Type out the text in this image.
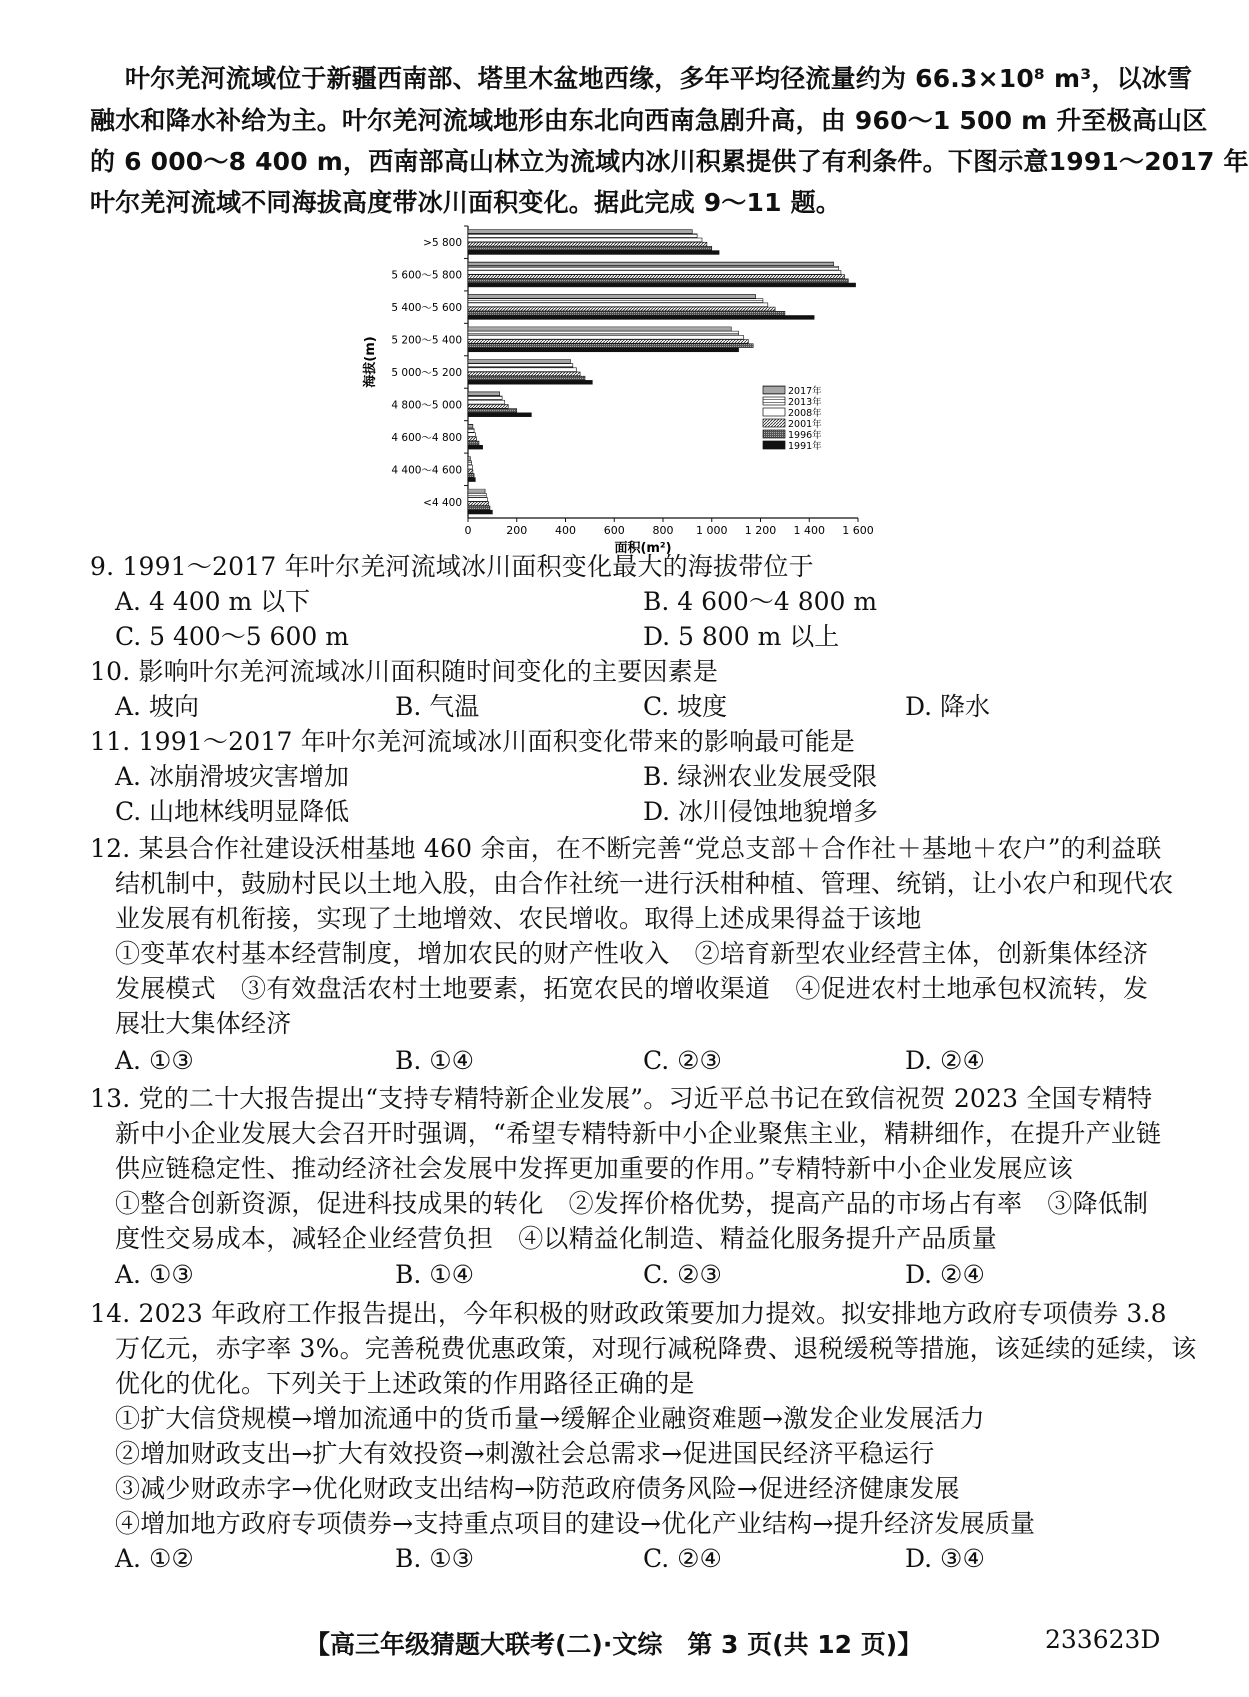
叶尔羌河流域位于新疆西南部、塔里木盆地西缘，多年平均径流量约为 66.3×10⁸ m³，以冰雪
融水和降水补给为主。叶尔羌河流域地形由东北向西南急剧升高，由 960～1 500 m 升至极高山区
的 6 000～8 400 m，西南部高山林立为流域内冰川积累提供了有利条件。下图示意1991～2017 年
叶尔羌河流域不同海拔高度带冰川面积变化。据此完成 9～11 题。
0	200	400	600	800 1 000 1 200 1 400 1 600
面积(m²)
海拔(m)
>5 800
5 600～5 800
5 400～5 600
5 200～5 400
5 000～5 200
4 800～5 000
4 600～4 800
4 400～4 600
<4 400
2017年
2013年
2008年
2001年
1996年
1991年
9. 1991～2017 年叶尔羌河流域冰川面积变化最大的海拔带位于
A. 4 400 m 以下	B. 4 600～4 800 m
C. 5 400～5 600 m	D. 5 800 m 以上
10. 影响叶尔羌河流域冰川面积随时间变化的主要因素是
A. 坡向	B. 气温	C. 坡度	D. 降水
11. 1991～2017 年叶尔羌河流域冰川面积变化带来的影响最可能是
A. 冰崩滑坡灾害增加	B. 绿洲农业发展受限
C. 山地林线明显降低	D. 冰川侵蚀地貌增多
12. 某县合作社建设沃柑基地 460 余亩，在不断完善“党总支部＋合作社＋基地＋农户”的利益联
结机制中，鼓励村民以土地入股，由合作社统一进行沃柑种植、管理、统销，让小农户和现代农
业发展有机衔接，实现了土地增效、农民增收。取得上述成果得益于该地
①变革农村基本经营制度，增加农民的财产性收入　②培育新型农业经营主体，创新集体经济
发展模式　③有效盘活农村土地要素，拓宽农民的增收渠道　④促进农村土地承包权流转，发
展壮大集体经济
A. ①③	B. ①④	C. ②③	D. ②④
13. 党的二十大报告提出“支持专精特新企业发展”。习近平总书记在致信祝贺 2023 全国专精特
新中小企业发展大会召开时强调，“希望专精特新中小企业聚焦主业，精耕细作，在提升产业链
供应链稳定性、推动经济社会发展中发挥更加重要的作用。”专精特新中小企业发展应该
①整合创新资源，促进科技成果的转化　②发挥价格优势，提高产品的市场占有率　③降低制
度性交易成本，减轻企业经营负担　④以精益化制造、精益化服务提升产品质量
A. ①③	B. ①④	C. ②③	D. ②④
14. 2023 年政府工作报告提出，今年积极的财政政策要加力提效。拟安排地方政府专项债券 3.8
万亿元，赤字率 3%。完善税费优惠政策，对现行减税降费、退税缓税等措施，该延续的延续，该
优化的优化。下列关于上述政策的作用路径正确的是
①扩大信贷规模→增加流通中的货币量→缓解企业融资难题→激发企业发展活力
②增加财政支出→扩大有效投资→刺激社会总需求→促进国民经济平稳运行
③减少财政赤字→优化财政支出结构→防范政府债务风险→促进经济健康发展
④增加地方政府专项债券→支持重点项目的建设→优化产业结构→提升经济发展质量
A. ①②	B. ①③	C. ②④	D. ③④
【高三年级猜题大联考(二)·文综　第 3 页(共 12 页)】	233623D
